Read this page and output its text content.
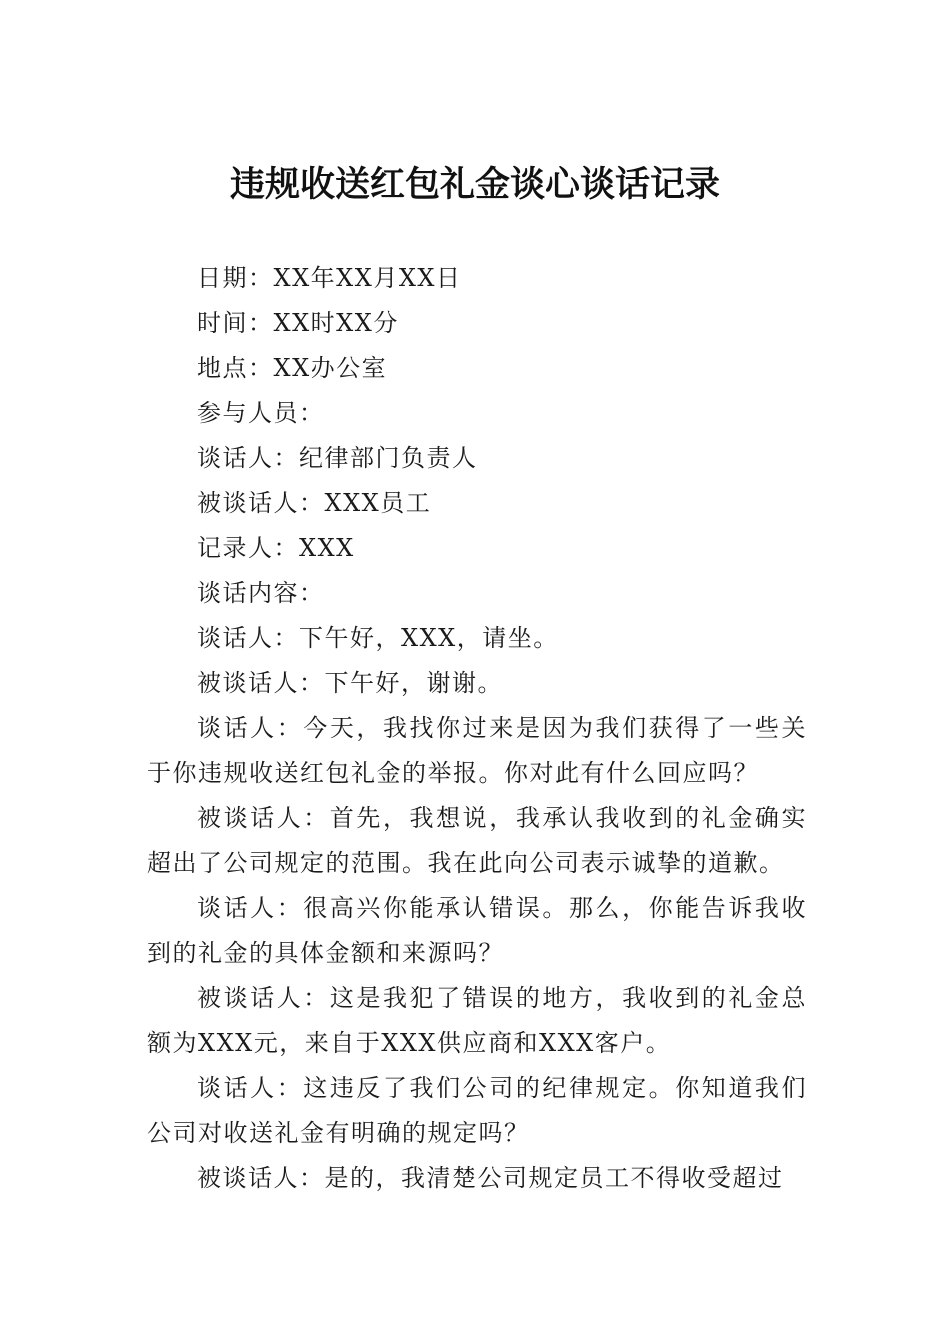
违规收送红包礼金谈心谈话记录

日期：XX年XX月XX日

时间：XX时XX分

地点：XX办公室

参与人员：

谈话人：纪律部门负责人

被谈话人：XXX员工

记录人：XXX

谈话内容：

谈话人：下午好，XXX，请坐。

被谈话人：下午好，谢谢。

谈话人：今天，我找你过来是因为我们获得了一些关于你违规收送红包礼金的举报。你对此有什么回应吗？

被谈话人：首先，我想说，我承认我收到的礼金确实超出了公司规定的范围。我在此向公司表示诚挚的道歉。

谈话人：很高兴你能承认错误。那么，你能告诉我收到的礼金的具体金额和来源吗？

被谈话人：这是我犯了错误的地方，我收到的礼金总额为XXX元，来自于XXX供应商和XXX客户。

谈话人：这违反了我们公司的纪律规定。你知道我们公司对收送礼金有明确的规定吗？

被谈话人：是的，我清楚公司规定员工不得收受超过
